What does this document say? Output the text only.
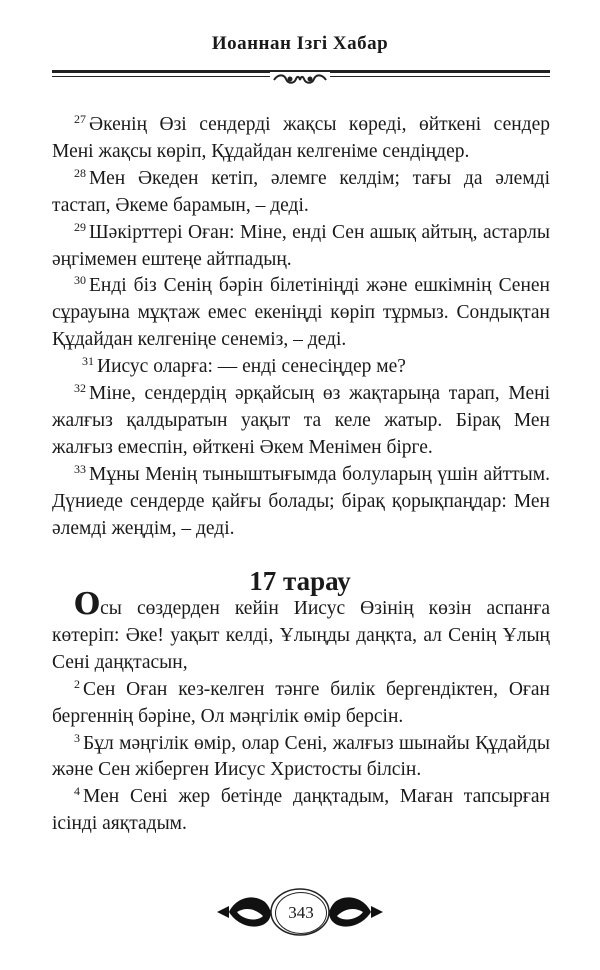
Иоаннан Ізгі Хабар
$^{27}$ Әкенің Өзі сендерді жақсы көреді, өйткені сендер
Мені жақсы көріп, Құдайдан келгеніме сендіңдер.
$^{28}$ Мен Әкеден кетіп, әлемге келдім; тағы да әлемді
тастап, Әкеме барамын, – деді.
$^{29}$ Шәкірттері Оған: Міне, енді Сен ашық айтың, астарлы
әңгімемен ештеңе айтпадың.
$^{30}$ Енді біз Сенің бәрін білетініңді және ешкімнің Сенен
сұрауына мұқтаж емес екеніңді көріп тұрмыз. Сондықтан
Құдайдан келгеніңе сенеміз, – деді.
$^{31}$ Иисус оларға: — енді сенесіңдер ме?
$^{32}$ Міне, сендердің әрқайсың өз жақтарыңа тарап, Мені
жалғыз қалдыратын уақыт та келе жатыр. Бірақ Мен
жалғыз емеспін, өйткені Әкем Менімен бірге.
$^{33}$ Мұны Менің тыныштығымда болуларың үшін айттым.
Дүниеде сендерде қайғы болады; бірақ қорықпаңдар: Мен
әлемді жеңдім, – деді.
17 тарау
Осы сөздерден кейін Иисус Өзінің көзін аспанға
көтеріп: Әке! уақыт келді, Ұлыңды даңқта, ал Сенің Ұлың
Сені даңқтасын,
$^2$ Сен Оған кез-келген тәнге билік бергендіктен, Оған
бергеннің бәріне, Ол мәңгілік өмір берсін.
$^3$ Бұл мәңгілік өмір, олар Сені, жалғыз шынайы Құдайды
және Сен жіберген Иисус Христосты білсін.
$^4$ Мен Сені жер бетінде даңқтадым, Маған тапсырған
ісінді аяқтадым.
343
